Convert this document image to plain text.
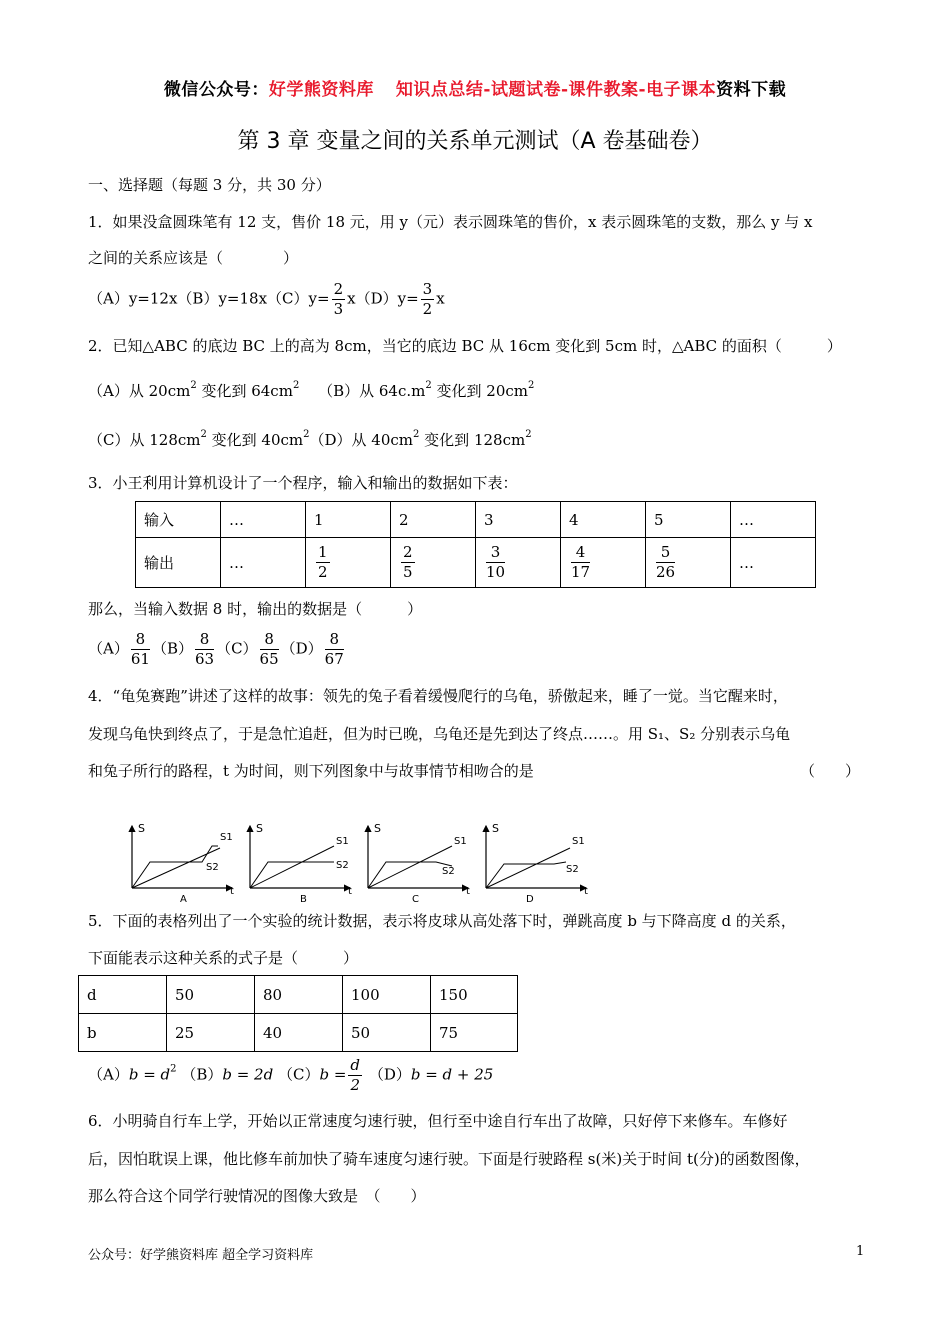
微信公众号：好学熊资料库 知识点总结-试题试卷-课件教案-电子课本资料下载
第 3 章 变量之间的关系单元测试（A 卷基础卷）
一、选择题（每题 3 分，共 30 分）
1．如果没盒圆珠笔有 12 支，售价 18 元，用 y（元）表示圆珠笔的售价，x 表示圆珠笔的支数，那么 y 与 x
之间的关系应该是（　　　　）
$(A)y=12x(B)y=18x(C)y= \frac{2}{3} x(D)y= \frac{3}{2}$ x
2．已知△ABC 的底边 BC 上的高为 8cm，当它的底边 BC 从 16cm 变化到 5cm 时，△ABC 的面积（　　　）
（A）从 $20cm^2$ 变化到 $64cm^2$ （B）从 $64c.m^2$ 变化到 $20cm^2$
（C）从 $128cm^2$ 变化到 $40cm^2(D)$从 $40cm^2$ 变化到 $128cm^2$
3．小王利用计算机设计了一个程序，输入和输出的数据如下表：
输入	…	1	2	3	4	5	…
输出	…	$\frac{1}{2}$	$\frac{2}{5}$	$\frac{3}{10}$	$\frac{4}{17}$	$\frac{5}{26}$	…
那么，当输入数据 8 时，输出的数据是（　　　）
$(A) \frac{8}{61} (B) \frac{8}{63} (C) \frac{8}{65} (D) \frac{8}{67}$
4．“龟兔赛跑”讲述了这样的故事：领先的兔子看着缓慢爬行的乌龟，骄傲起来，睡了一觉。当它醒来时，
发现乌龟快到终点了，于是急忙追赶，但为时已晚，乌龟还是先到达了终点……。用 S₁、S₂ 分别表示乌龟
和兔子所行的路程，t 为时间，则下列图象中与故事情节相吻合的是	（　　）
S
t
S1
S2
A
S
t
S1
S2
B
S
t
S1
S2
C
S
t
S1
S2
D
5．下面的表格列出了一个实验的统计数据，表示将皮球从高处落下时，弹跳高度 b 与下降高度 d 的关系，
下面能表示这种关系的式子是（　　　）
d	50	80	100	150
b	25	40	50	75
$(A)b = d^2$ （B）b = 2d $(C)b = \frac{d}{2} (D)b = d + 25$
6．小明骑自行车上学，开始以正常速度匀速行驶，但行至中途自行车出了故障，只好停下来修车。车修好
后，因怕耽误上课，他比修车前加快了骑车速度匀速行驶。下面是行驶路程 s(米)关于时间 t(分)的函数图像，
那么符合这个同学行驶情况的图像大致是　（　　）
公众号：好学熊资料库 超全学习资料库	1
